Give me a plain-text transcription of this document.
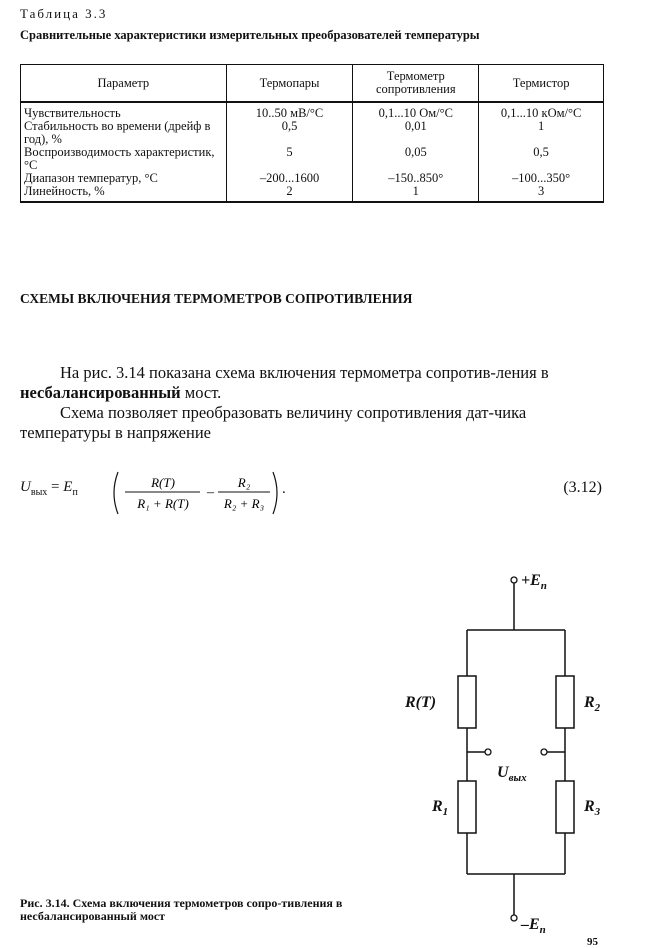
Таблица 3.3
Сравнительные характеристики измерительных преобразователей температуры
Параметр	Термопары	Термометр сопротивления	Термистор
Чувствительность	10..50 мВ/°С	0,1...10 Ом/°С	0,1...10 кОм/°С
Стабильность во времени (дрейф в год), %	0,5	0,01	1
Воспроизводимость характеристик, °С	5	0,05	0,5
Диапазон температур, °С	–200...1600	–150..850°	–100...350°
Линейность, %	2	1	3
СХЕМЫ ВКЛЮЧЕНИЯ ТЕРМОМЕТРОВ СОПРОТИВЛЕНИЯ
На рис. 3.14 показана схема включения термометра сопротив-ления в несбалансированный мост.
Схема позволяет преобразовать величину сопротивления дат-чика температуры в напряжение
$U_{вых} = E_п$
R(T)
R₁ + R(T)
–
R₂
R₂ + R₃
.	(3.12)
$+E_п$
$-E_п$
R(T)	$R_2$
$R_1$	$R_3$
$U_{вых}$
Рис. 3.14. Схема включения термометров сопро-тивления в несбалансированный мост
95
